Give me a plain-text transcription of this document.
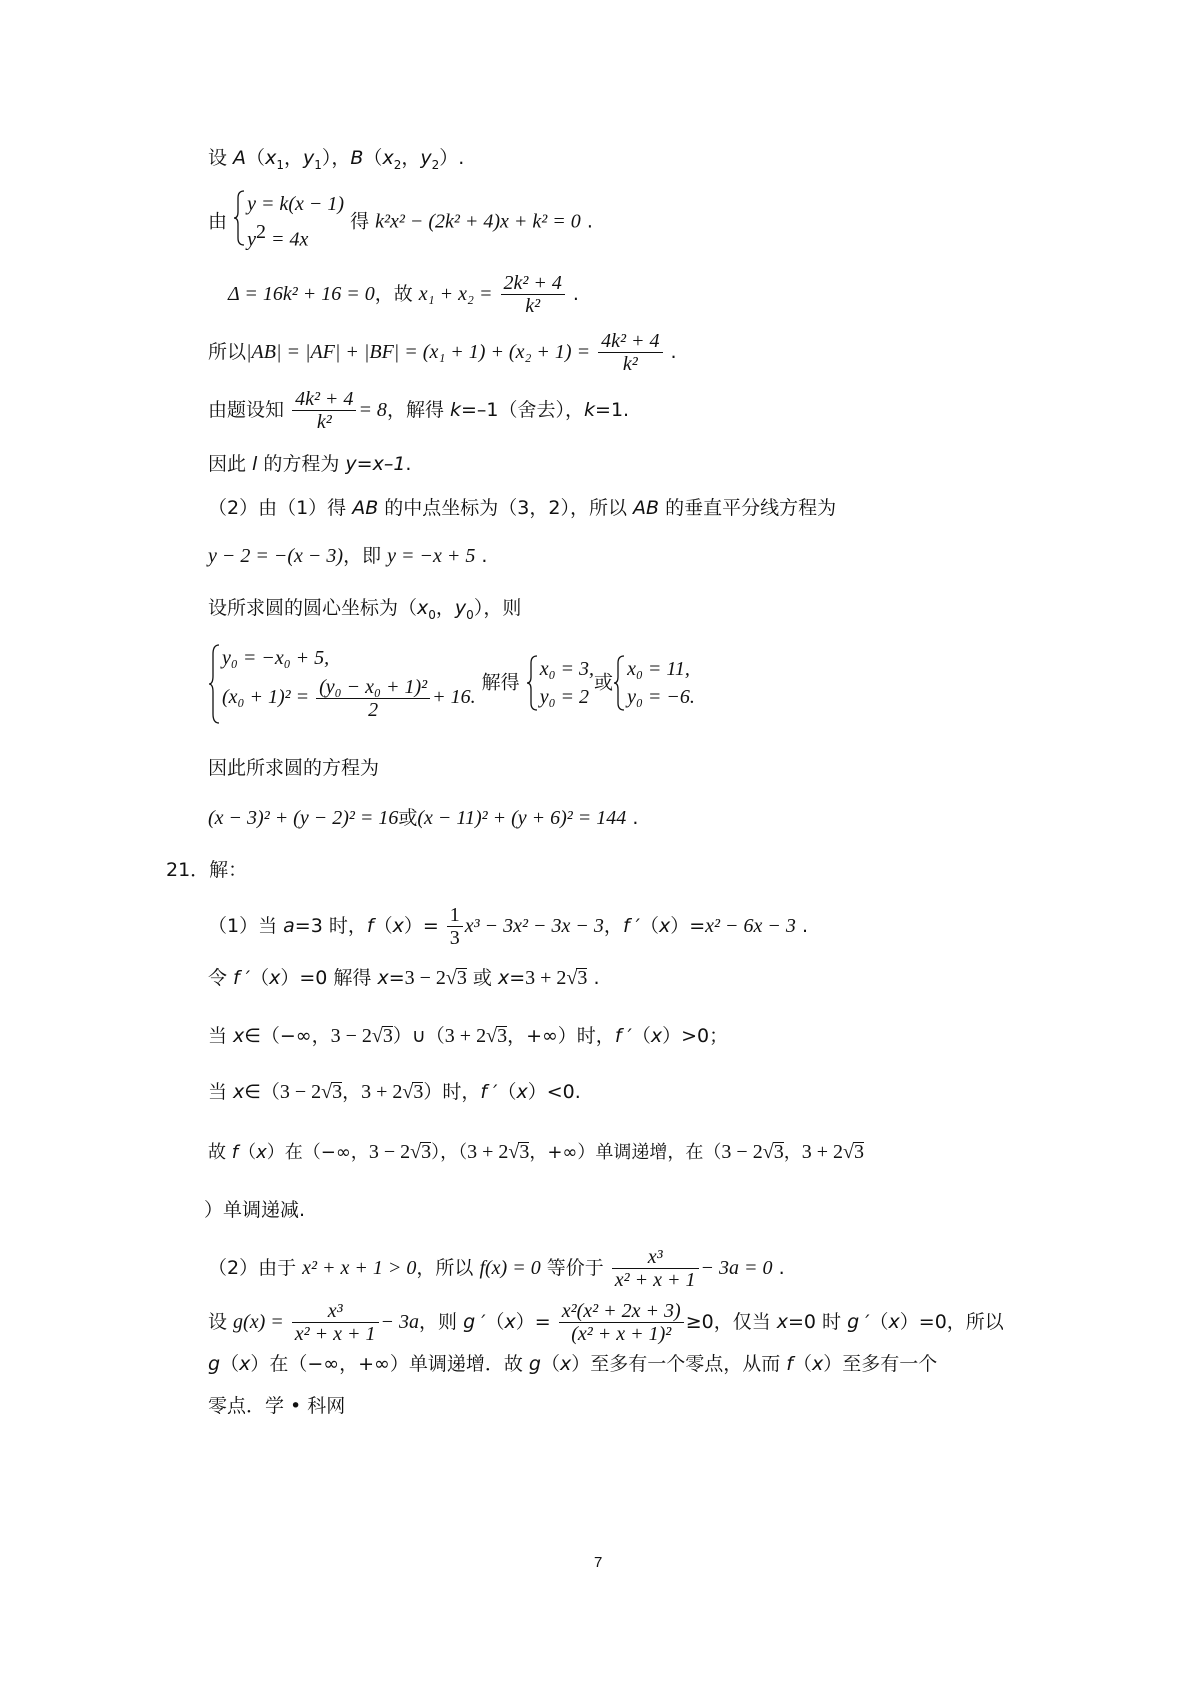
设 $A(x_1$，$y_1$），$B(x_2$，$y_2$）.
由
y = k(x − 1)
$y^2 = 4x$
得 k²x² − (2k² + 4)x + k² = 0 .
Δ = 16k² + 16 = 0，故 $x_1 + x_2 = \frac{\text{2k² + 4}}{\text{k²}}$ .
所以$|AB| = |AF| + |BF| = (x_1 + 1) + (x_2 + 1) = \frac{\text{4k² + 4}}{\text{k²}}$ .
由题设知 $\frac{\text{4k² + 4}}{\text{k²}} = 8$，解得 k=–1（舍去），k=1.
因此 l 的方程为 y=x–1.
（2）由（1）得 AB 的中点坐标为（3，2），所以 AB 的垂直平分线方程为
y − 2 = −(x − 3)，即 y = −x + 5 .
设所求圆的圆心坐标为（$x_0$，$y_0$），则
y₀ = −x₀ + 5,
$(x_0 + 1)^2 = \frac{\text{(y₀ − x₀ + 1)²}}{2} + 16$.
解得
x₀ = 3,
y₀ = 2
或
x₀ = 11,
y₀ = −6.
因此所求圆的方程为
(x − 3)² + (y − 2)² = 16或(x − 11)² + (y + 6)² = 144 .
21．解：
（1）当 a=3 时，$f(x)= \frac{1}{3} x^3 - 3x^2 - 3x - 3$，f ′（x）=x² − 6x − 3 .
令 f ′（x）=0 解得 x=3 − 2√3 或 x=3 + 2√3 .
当 x∈（−∞，3 − 2√3）∪（3 + 2√3，+∞）时，f ′（x）>0；
当 x∈（3 − 2√3，3 + 2√3）时，f ′（x）<0.
故 f（x）在（−∞，3 − 2√3），（3 + 2√3，+∞）单调递增，在（3 − 2√3，3 + 2√3
）单调递减.
（2）由于 x² + x + 1 > 0，所以 f(x) = 0 等价于 $\frac{\text{x³}}{\text{x² + x + 1}} - 3a = 0$ .
设 $g(x) = \frac{\text{x³}}{\text{x² + x + 1}} - 3a$，则 g $'(x)= \frac{\text{x²(x² + 2x + 3)}}{\text{(x² + x + 1)²}} \ge 0$，仅当 x=0 时 g ′（x）=0，所以
g（x）在（−∞，+∞）单调递增．故 g（x）至多有一个零点，从而 f（x）至多有一个
零点．学 • 科网
7
